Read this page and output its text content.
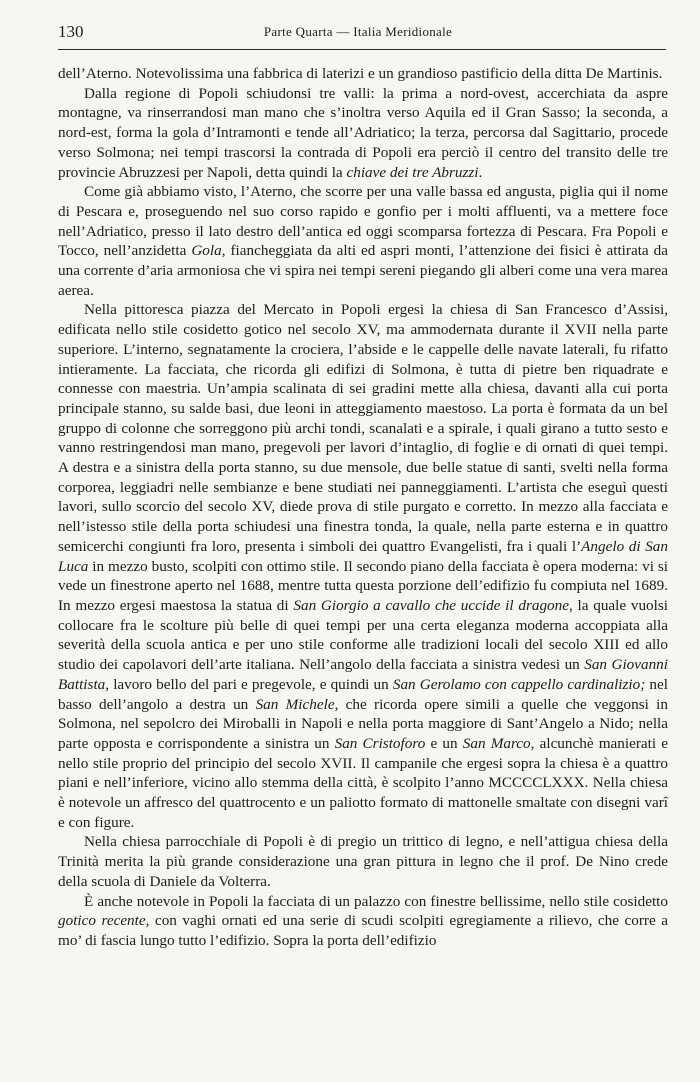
130	Parte Quarta — Italia Meridionale

dell’Aterno. Notevolissima una fabbrica di laterizi e un grandioso pastificio della ditta De Martinis.

Dalla regione di Popoli schiudonsi tre valli: la prima a nord-ovest, accerchiata da aspre montagne, va rinserrandosi man mano che s’inoltra verso Aquila ed il Gran Sasso; la seconda, a nord-est, forma la gola d’Intramonti e tende all’Adriatico; la terza, percorsa dal Sagittario, procede verso Solmona; nei tempi trascorsi la contrada di Popoli era perciò il centro del transito delle tre provincie Abruzzesi per Napoli, detta quindi la chiave dei tre Abruzzi.

Come già abbiamo visto, l’Aterno, che scorre per una valle bassa ed angusta, piglia qui il nome di Pescara e, proseguendo nel suo corso rapido e gonfio per i molti affluenti, va a mettere foce nell’Adriatico, presso il lato destro dell’antica ed oggi scomparsa fortezza di Pescara. Fra Popoli e Tocco, nell’anzidetta Gola, fiancheggiata da alti ed aspri monti, l’attenzione dei fisici è attirata da una corrente d’aria armoniosa che vi spira nei tempi sereni piegando gli alberi come una vera marea aerea.

Nella pittoresca piazza del Mercato in Popoli ergesi la chiesa di San Francesco d’Assisi, edificata nello stile cosidetto gotico nel secolo XV, ma ammodernata durante il XVII nella parte superiore. L’interno, segnatamente la crociera, l’abside e le cappelle delle navate laterali, fu rifatto intieramente. La facciata, che ricorda gli edifizi di Solmona, è tutta di pietre ben riquadrate e connesse con maestria. Un’ampia scalinata di sei gradini mette alla chiesa, davanti alla cui porta principale stanno, su salde basi, due leoni in atteggiamento maestoso. La porta è formata da un bel gruppo di colonne che sorreggono più archi tondi, scanalati e a spirale, i quali girano a tutto sesto e vanno restringendosi man mano, pregevoli per lavori d’intaglio, di foglie e di ornati di quei tempi. A destra e a sinistra della porta stanno, su due mensole, due belle statue di santi, svelti nella forma corporea, leggiadri nelle sembianze e bene studiati nei panneggiamenti. L’artista che eseguì questi lavori, sullo scorcio del secolo XV, diede prova di stile purgato e corretto. In mezzo alla facciata e nell’istesso stile della porta schiudesi una finestra tonda, la quale, nella parte esterna e in quattro semicerchi congiunti fra loro, presenta i simboli dei quattro Evangelisti, fra i quali l’Angelo di San Luca in mezzo busto, scolpiti con ottimo stile. Il secondo piano della facciata è opera moderna: vi si vede un finestrone aperto nel 1688, mentre tutta questa porzione dell’edifizio fu compiuta nel 1689. In mezzo ergesi maestosa la statua di San Giorgio a cavallo che uccide il dragone, la quale vuolsi collocare fra le scolture più belle di quei tempi per una certa eleganza moderna accoppiata alla severità della scuola antica e per uno stile conforme alle tradizioni locali del secolo XIII ed allo studio dei capolavori dell’arte italiana. Nell’angolo della facciata a sinistra vedesi un San Giovanni Battista, lavoro bello del pari e pregevole, e quindi un San Gerolamo con cappello cardinalizio; nel basso dell’angolo a destra un San Michele, che ricorda opere simili a quelle che veggonsi in Solmona, nel sepolcro dei Miroballi in Napoli e nella porta maggiore di Sant’Angelo a Nido; nella parte opposta e corrispondente a sinistra un San Cristoforo e un San Marco, alcunchè manierati e nello stile proprio del principio del secolo XVII. Il campanile che ergesi sopra la chiesa è a quattro piani e nell’inferiore, vicino allo stemma della città, è scolpito l’anno MCCCCLXXX. Nella chiesa è notevole un affresco del quattrocento e un paliotto formato di mattonelle smaltate con disegni varî e con figure.

Nella chiesa parrocchiale di Popoli è di pregio un trittico di legno, e nell’attigua chiesa della Trinità merita la più grande considerazione una gran pittura in legno che il prof. De Nino crede della scuola di Daniele da Volterra.

È anche notevole in Popoli la facciata di un palazzo con finestre bellissime, nello stile cosidetto gotico recente, con vaghi ornati ed una serie di scudi scolpiti egregiamente a rilievo, che corre a mo’ di fascia lungo tutto l’edifizio. Sopra la porta dell’edifizio
